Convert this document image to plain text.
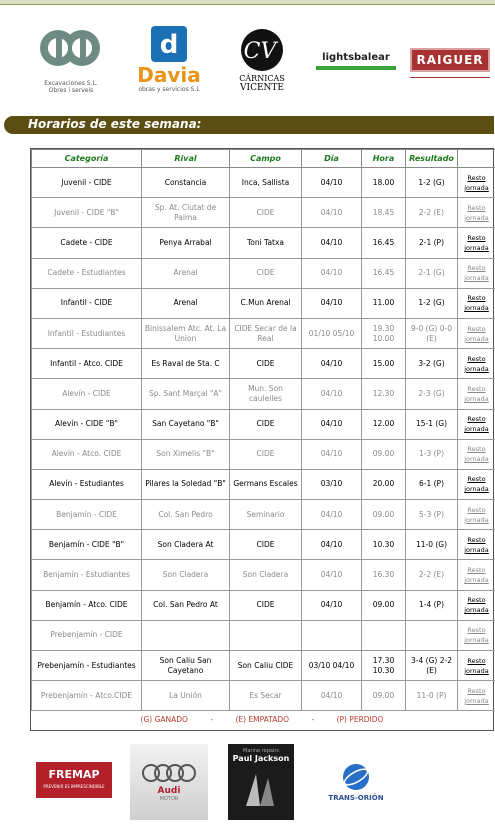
Excavaciones S.L.
Obres i serveis
d
Davia
obras y servicios S.L
CV
CÁRNICAS
VICENTE
lightsbalear	RAIGUER
Horarios de este semana:
Categoría	Rival	Campo	Día	Hora	Resultado	
Juvenil - CIDE	Constancia	Inca, Sallista	04/10	18.00	1-2 (G)	Resto
jornada

Juvenil - CIDE "B"	Sp. At. Ciutat de Palma	CIDE	04/10	18.45	2-2 (E)	Resto
jornada

Cadete - CIDE	Penya Arrabal	Toni Tatxa	04/10	16.45	2-1 (P)	Resto
jornada

Cadete - Estudiantes	Arenal	CIDE	04/10	16.45	2-1 (G)	Resto
jornada

Infantil - CIDE	Arenal	C.Mun Arenal	04/10	11.00	1-2 (G)	Resto
jornada

Infantil - Estudiantes	Binissalem Atc. At. La Union	CIDE Secar de la Real	01/10 05/10	19.30 10.00	9-0 (G) 0-0 (E)	Resto
jornada

Infantil - Atco. CIDE	Es Raval de Sta. C	CIDE	04/10	15.00	3-2 (G)	Resto
jornada

Alevín - CIDE	Sp. Sant Marçal "A"	Mun. Son caulelles	04/10	12.30	2-3 (G)	Resto
jornada

Alevín - CIDE "B"	San Cayetano "B"	CIDE	04/10	12.00	15-1 (G)	Resto
jornada

Alevín - Atco. CIDE	Son Ximelis "B"	CIDE	04/10	09.00	1-3 (P)	Resto
jornada

Alevín - Estudiantes	Pilares la Soledad "B"	Germans Escales	03/10	20.00	6-1 (P)	Resto
jornada

Benjamín - CIDE	Col. San Pedro	Seminario	04/10	09.00	5-3 (P)	Resto
jornada

Benjamín - CIDE "B"	Son Cladera At	CIDE	04/10	10.30	11-0 (G)	Resto
jornada

Benjamín - Estudiantes	Son Cladera	Son Cladera	04/10	16.30	2-2 (E)	Resto
jornada

Benjamín - Atco. CIDE	Col. San Pedro At	CIDE	04/10	09.00	1-4 (P)	Resto
jornada

Prebenjamín - CIDE						Resto
jornada

Prebenjamín - Estudiantes	Son Caliu San Cayetano	Son Caliu CIDE	03/10 04/10	17.30 10.30	3-4 (G) 2-2 (E)	Resto
jornada

Prebenjamín - Atco.CIDE	La Unión	Es Secar	04/10	09.00	11-0 (P)	Resto
jornada
(G) GANADO	-	(E) EMPATADO	-	(P) PERDIDO
FREMAP
PREVENIR ES IMPRESCINDIBLE	Audi
MOTOR
Marine repairs
Paul Jackson
TRANS-ORIÓN
